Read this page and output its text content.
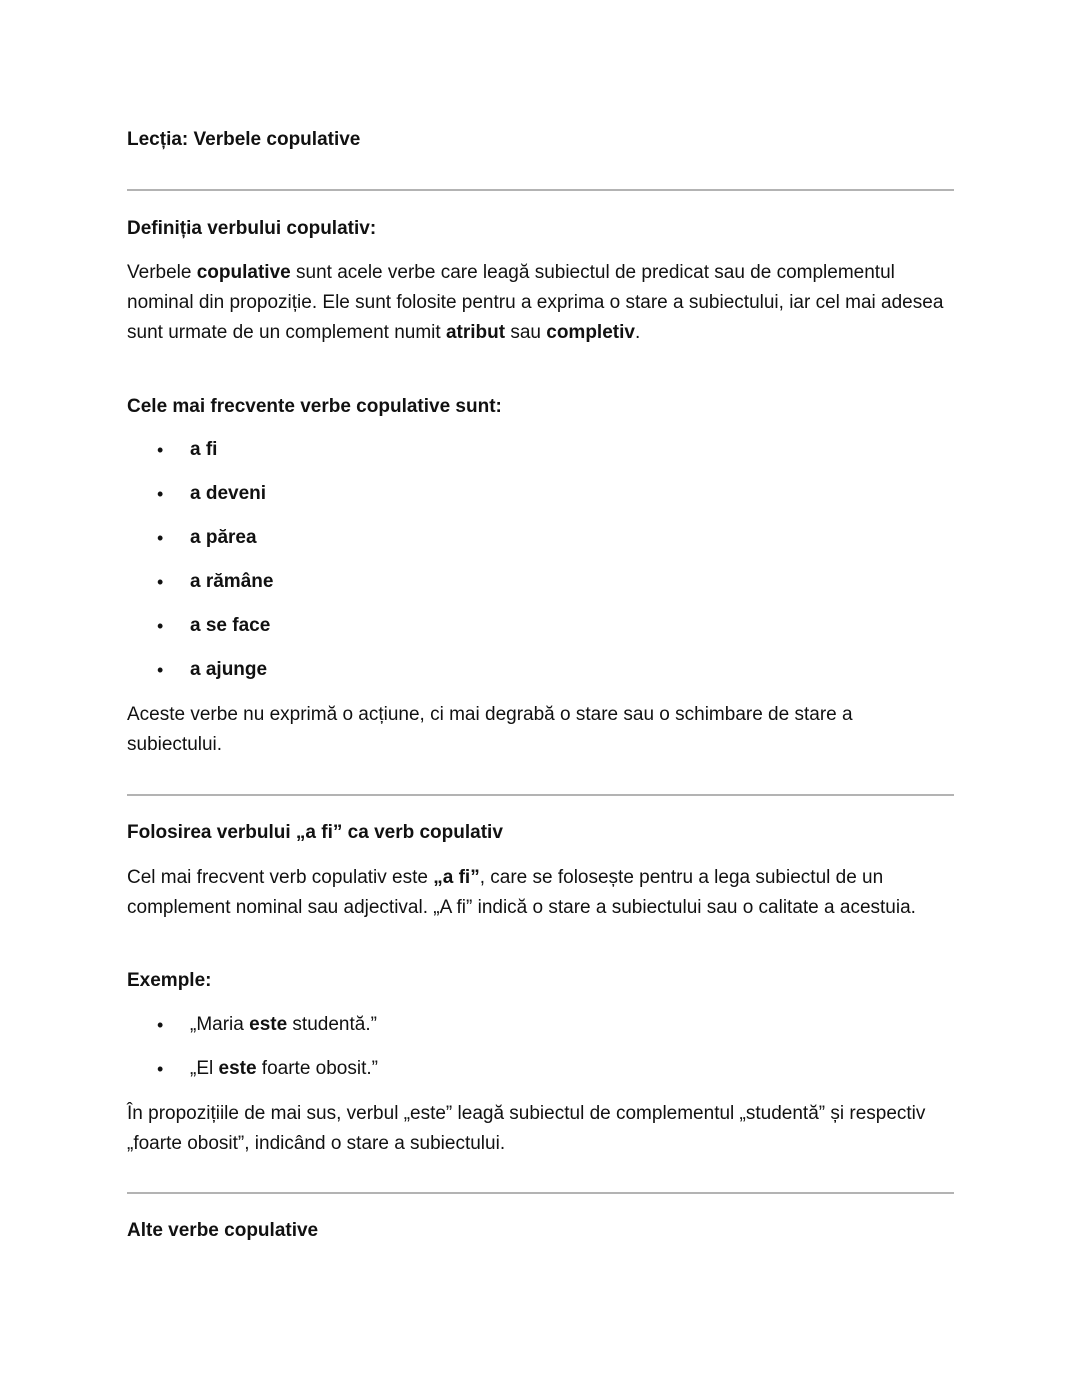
Lecția: Verbele copulative
Definiția verbului copulativ:

Verbele copulative sunt acele verbe care leagă subiectul de predicat sau de complementul nominal din propoziție. Ele sunt folosite pentru a exprima o stare a subiectului, iar cel mai adesea sunt urmate de un complement numit atribut sau completiv.

Cele mai frecvente verbe copulative sunt:
• a fi
• a deveni
• a părea
• a rămâne
• a se face
• a ajunge

Aceste verbe nu exprimă o acțiune, ci mai degrabă o stare sau o schimbare de stare a subiectului.

Folosirea verbului „a fi” ca verb copulativ

Cel mai frecvent verb copulativ este „a fi”, care se folosește pentru a lega subiectul de un complement nominal sau adjectival. „A fi” indică o stare a subiectului sau o calitate a acestuia.

Exemple:
• „Maria este studentă.”
• „El este foarte obosit.”

În propozițiile de mai sus, verbul „este” leagă subiectul de complementul „studentă” și respectiv „foarte obosit”, indicând o stare a subiectului.

Alte verbe copulative
